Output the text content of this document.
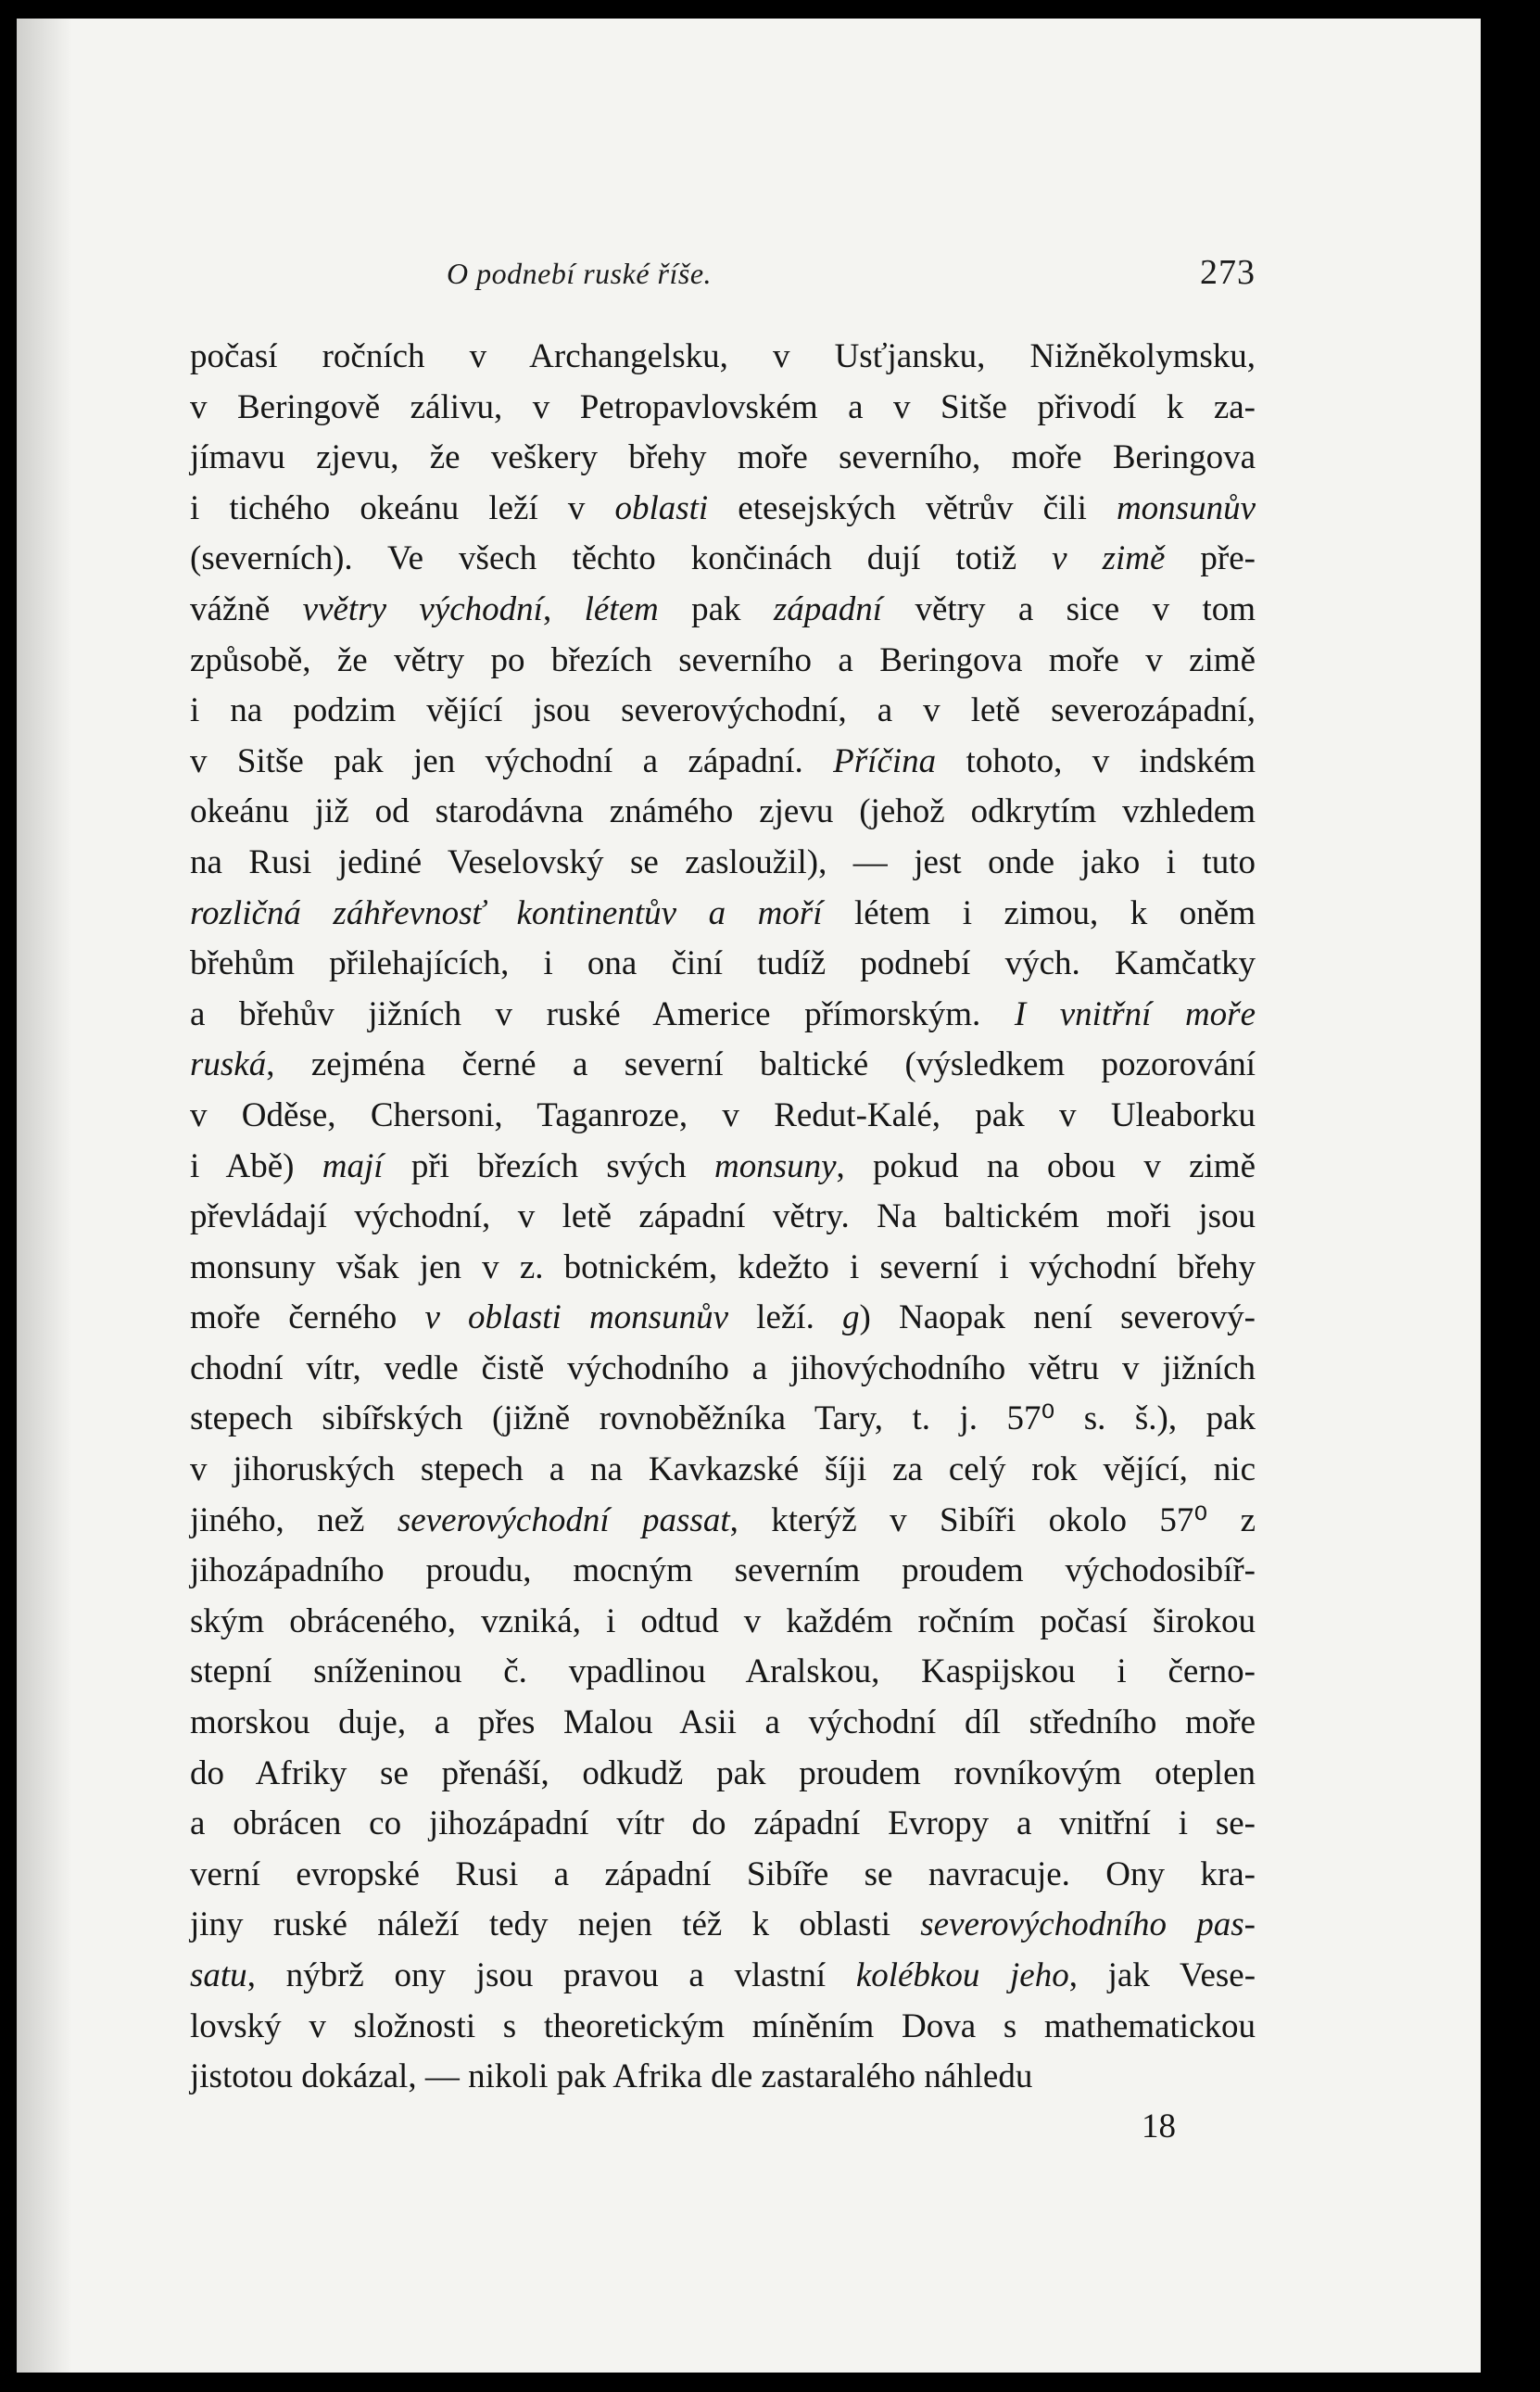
O podnebí ruské říše.	273
počasí ročních v Archangelsku, v Usťjansku, Nižněkolymsku,
v Beringově zálivu, v Petropavlovském a v Sitše přivodí k za-
jímavu zjevu, že veškery břehy moře severního, moře Beringova
i tichého okeánu leží v oblasti etesejských větrův čili monsunův
(severních). Ve všech těchto končinách dují totiž v zimě pře-
vážně vvětry východní, létem pak západní větry a sice v tom
způsobě, že větry po březích severního a Beringova moře v zimě
i na podzim vějící jsou severovýchodní, a v letě severozápadní,
v Sitše pak jen východní a západní. Příčina tohoto, v indském
okeánu již od starodávna známého zjevu (jehož odkrytím vzhledem
na Rusi jediné Veselovský se zasloužil), — jest onde jako i tuto
rozličná záhřevnosť kontinentův a moří létem i zimou, k oněm
břehům přilehajících, i ona činí tudíž podnebí vých. Kamčatky
a břehův jižních v ruské Americe přímorským. I vnitřní moře
ruská, zejména černé a severní baltické (výsledkem pozorování
v Oděse, Chersoni, Taganroze, v Redut-Kalé, pak v Uleaborku
i Abě) mají při březích svých monsuny, pokud na obou v zimě
převládají východní, v letě západní větry. Na baltickém moři jsou
monsuny však jen v z. botnickém, kdežto i severní i východní břehy
moře černého v oblasti monsunův leží. g) Naopak není severový-
chodní vítr, vedle čistě východního a jihovýchodního větru v jižních
stepech sibířských (jižně rovnoběžníka Tary, t. j. 57⁰ s. š.), pak
v jihoruských stepech a na Kavkazské šíji za celý rok vějící, nic
jiného, než severovýchodní passat, kterýž v Sibíři okolo 57⁰ z
jihozápadního proudu, mocným severním proudem východosibíř-
ským obráceného, vzniká, i odtud v každém ročním počasí širokou
stepní sníženinou č. vpadlinou Aralskou, Kaspijskou i černo-
morskou duje, a přes Malou Asii a východní díl středního moře
do Afriky se přenáší, odkudž pak proudem rovníkovým oteplen
a obrácen co jihozápadní vítr do západní Evropy a vnitřní i se-
verní evropské Rusi a západní Sibíře se navracuje. Ony kra-
jiny ruské náleží tedy nejen též k oblasti severovýchodního pas-
satu, nýbrž ony jsou pravou a vlastní kolébkou jeho, jak Vese-
lovský v složnosti s theoretickým míněním Dova s mathematickou
jistotou dokázal, — nikoli pak Afrika dle zastaralého náhledu
18
